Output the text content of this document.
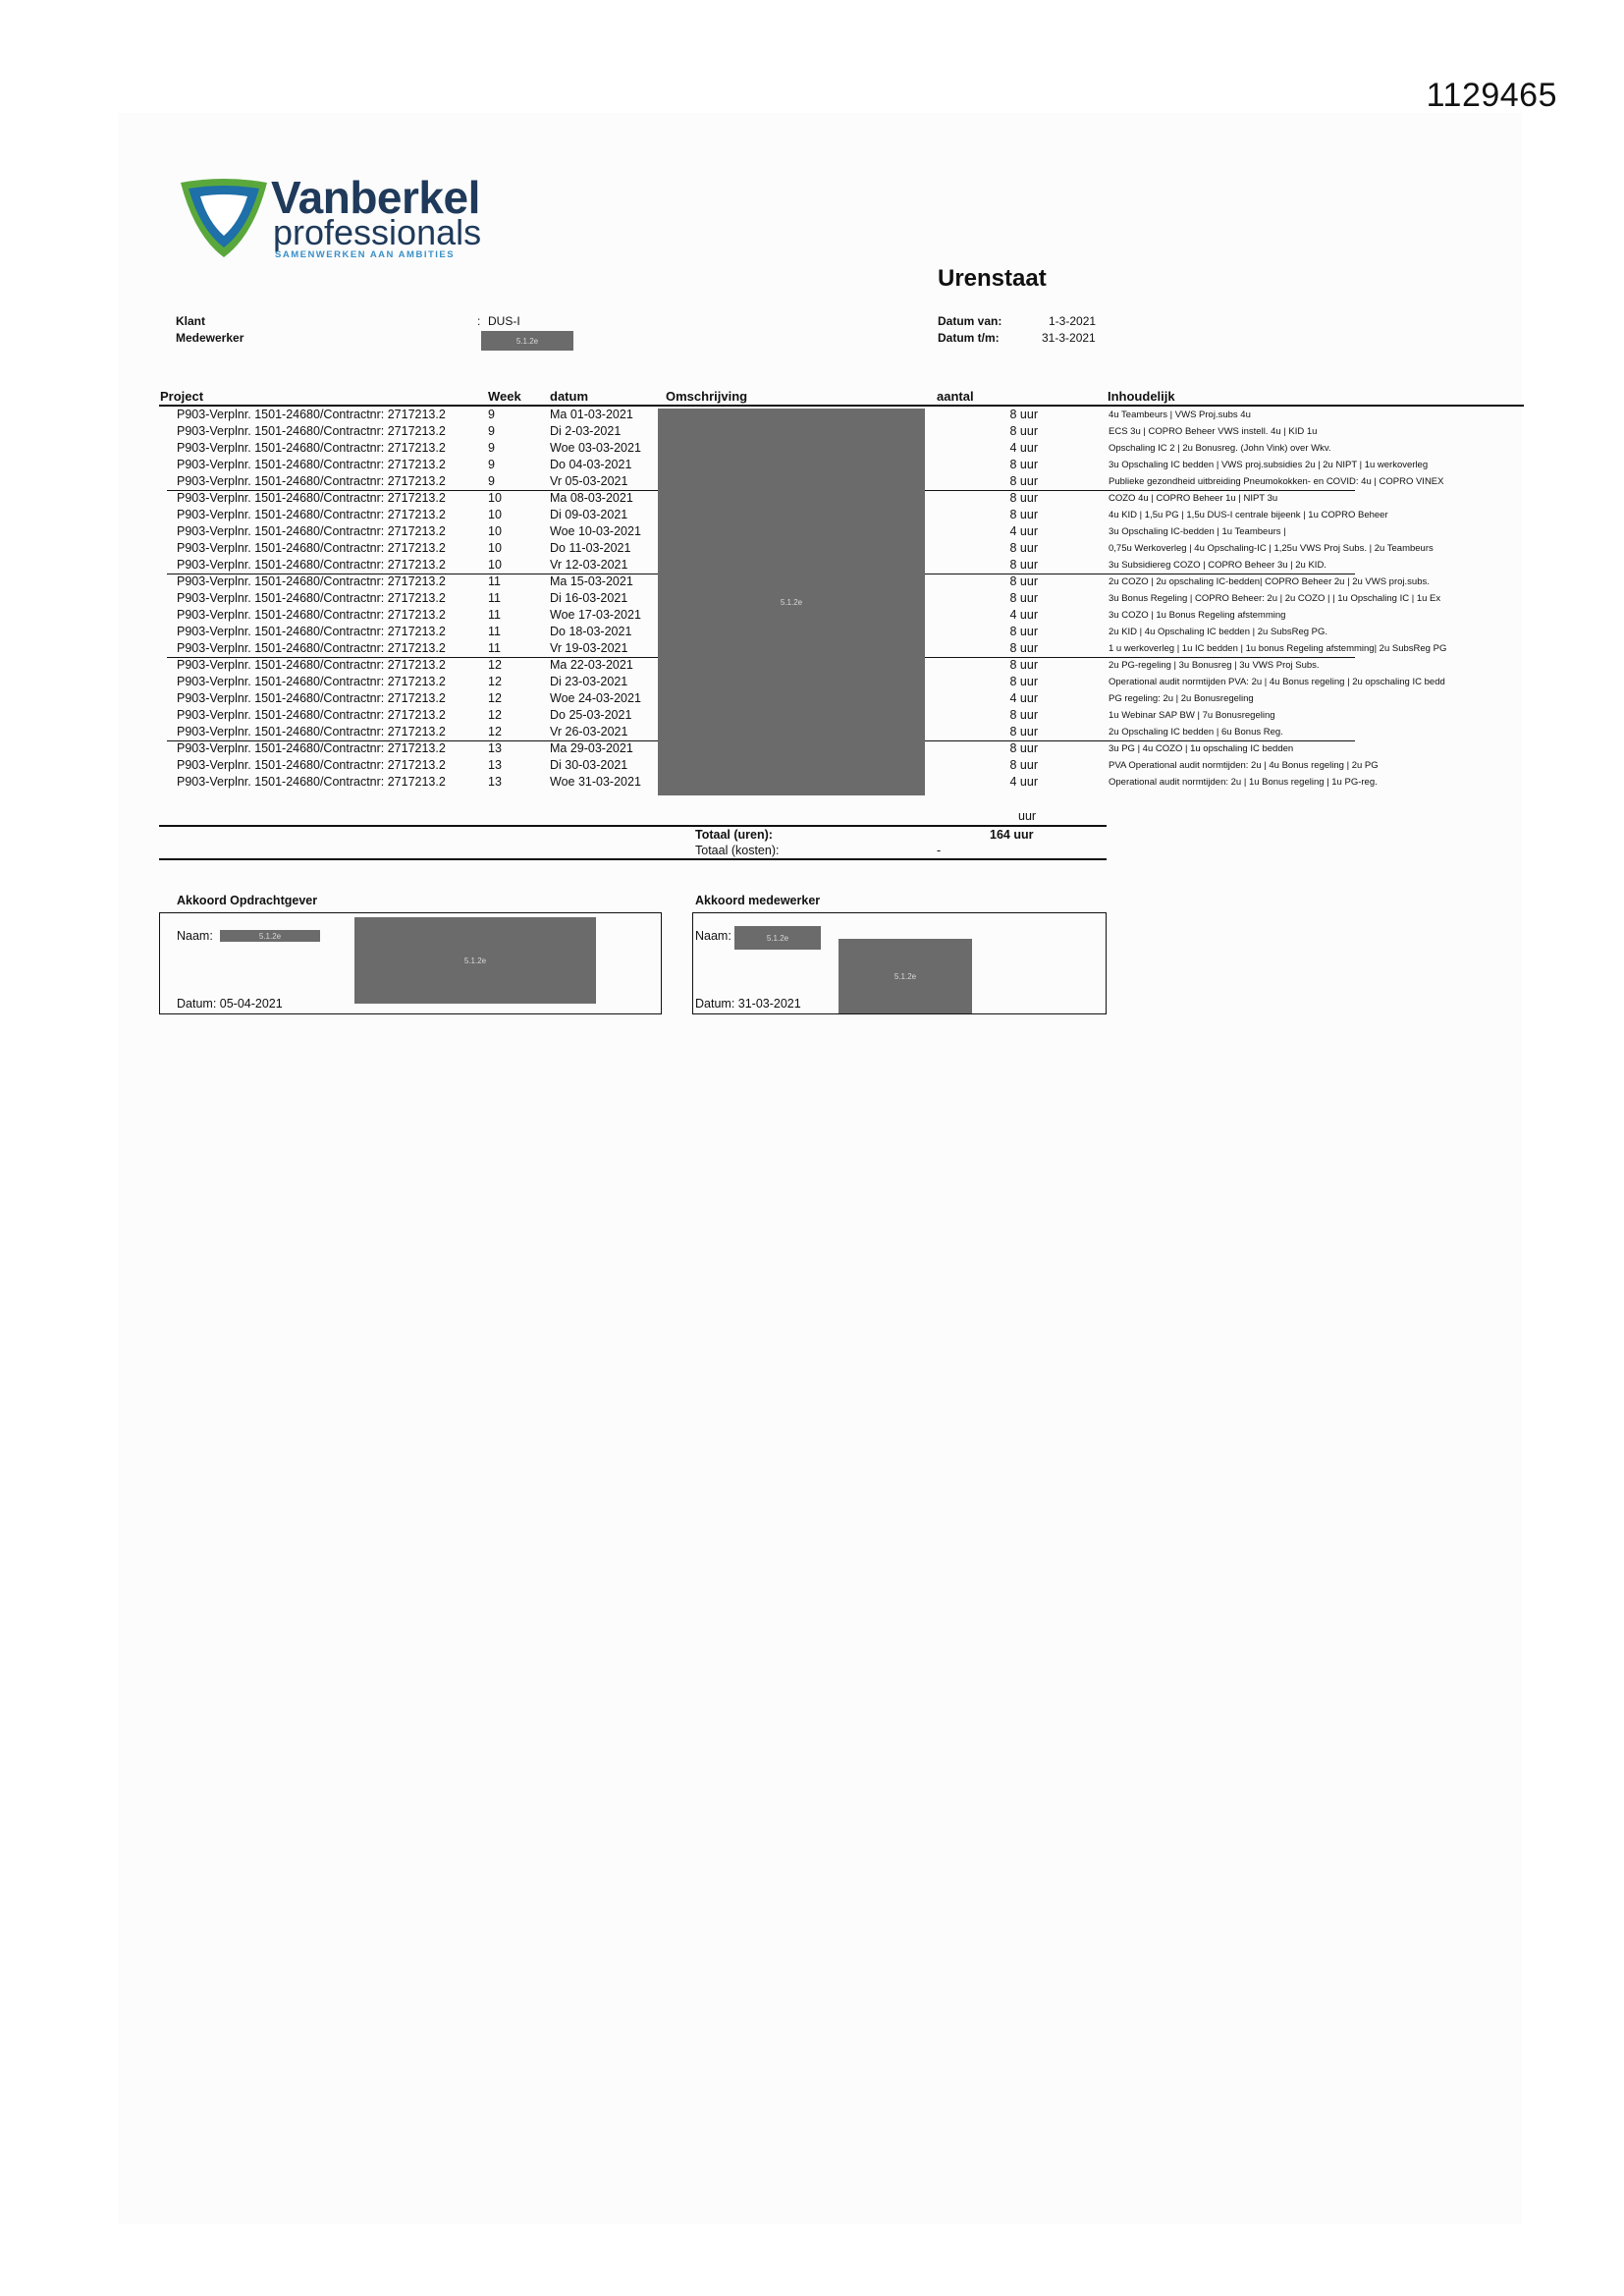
1129465
Vanberkel
professionals
SAMENWERKEN AAN AMBITIES
Urenstaat
Klant	: DUS-I
Medewerker	5.1.2e
Datum van:	1-3-2021
Datum t/m:	31-3-2021
Project	Week datum	Omschrijving	aantal	Inhoudelijk
P903-Verplnr. 1501-24680/Contractnr: 2717213.2	9	Ma 01-03-2021	8 uur	4u Teambeurs | VWS Proj.subs 4u
P903-Verplnr. 1501-24680/Contractnr: 2717213.2	9	Di 2-03-2021	8 uur	ECS 3u | COPRO Beheer VWS instell. 4u | KID 1u
P903-Verplnr. 1501-24680/Contractnr: 2717213.2	9	Woe 03-03-2021	4 uur	Opschaling IC 2 | 2u Bonusreg. (John Vink) over Wkv.
P903-Verplnr. 1501-24680/Contractnr: 2717213.2	9	Do 04-03-2021	8 uur	3u Opschaling IC bedden | VWS proj.subsidies 2u | 2u NIPT | 1u werkoverleg
P903-Verplnr. 1501-24680/Contractnr: 2717213.2	9	Vr 05-03-2021	8 uur	Publieke gezondheid uitbreiding Pneumokokken- en COVID: 4u | COPRO VINEX
P903-Verplnr. 1501-24680/Contractnr: 2717213.2	10	Ma 08-03-2021	8 uur	COZO 4u | COPRO Beheer 1u | NIPT 3u
P903-Verplnr. 1501-24680/Contractnr: 2717213.2	10	Di 09-03-2021	8 uur	4u KID | 1,5u PG | 1,5u DUS-I centrale bijeenk | 1u COPRO Beheer
P903-Verplnr. 1501-24680/Contractnr: 2717213.2	10	Woe 10-03-2021	4 uur	3u Opschaling IC-bedden | 1u Teambeurs |
P903-Verplnr. 1501-24680/Contractnr: 2717213.2	10	Do 11-03-2021	8 uur	0,75u Werkoverleg | 4u Opschaling-IC | 1,25u VWS Proj Subs. | 2u Teambeurs
P903-Verplnr. 1501-24680/Contractnr: 2717213.2	10	Vr 12-03-2021	8 uur	3u Subsidiereg COZO | COPRO Beheer 3u | 2u KID.
P903-Verplnr. 1501-24680/Contractnr: 2717213.2	11	Ma 15-03-2021	8 uur	2u COZO | 2u opschaling IC-bedden| COPRO Beheer 2u | 2u VWS proj.subs.
P903-Verplnr. 1501-24680/Contractnr: 2717213.2	11	Di 16-03-2021	8 uur	3u Bonus Regeling | COPRO Beheer: 2u | 2u COZO | | 1u Opschaling IC | 1u Ex
P903-Verplnr. 1501-24680/Contractnr: 2717213.2	11	Woe 17-03-2021	4 uur	3u COZO | 1u Bonus Regeling afstemming
P903-Verplnr. 1501-24680/Contractnr: 2717213.2	11	Do 18-03-2021	8 uur	2u KID | 4u Opschaling IC bedden | 2u SubsReg PG.
P903-Verplnr. 1501-24680/Contractnr: 2717213.2	11	Vr 19-03-2021	8 uur	1 u werkoverleg | 1u IC bedden | 1u bonus Regeling afstemming| 2u SubsReg PG
P903-Verplnr. 1501-24680/Contractnr: 2717213.2	12	Ma 22-03-2021	8 uur	2u PG-regeling | 3u Bonusreg | 3u VWS Proj Subs.
P903-Verplnr. 1501-24680/Contractnr: 2717213.2	12	Di 23-03-2021	8 uur	Operational audit normtijden PVA: 2u | 4u Bonus regeling | 2u opschaling IC bedd
P903-Verplnr. 1501-24680/Contractnr: 2717213.2	12	Woe 24-03-2021	4 uur	PG regeling: 2u | 2u Bonusregeling
P903-Verplnr. 1501-24680/Contractnr: 2717213.2	12	Do 25-03-2021	8 uur	1u Webinar SAP BW | 7u Bonusregeling
P903-Verplnr. 1501-24680/Contractnr: 2717213.2	12	Vr 26-03-2021	8 uur	2u Opschaling IC bedden | 6u Bonus Reg.
P903-Verplnr. 1501-24680/Contractnr: 2717213.2	13	Ma 29-03-2021	8 uur	3u PG | 4u COZO | 1u opschaling IC bedden
P903-Verplnr. 1501-24680/Contractnr: 2717213.2	13	Di 30-03-2021	8 uur	PVA Operational audit normtijden: 2u | 4u Bonus regeling | 2u PG
P903-Verplnr. 1501-24680/Contractnr: 2717213.2	13	Woe 31-03-2021	4 uur	Operational audit normtijden: 2u | 1u Bonus regeling | 1u PG-reg.
5.1.2e
uur
Totaal (uren):	164 uur
Totaal (kosten):	-
Akkoord Opdrachtgever
Naam:	5.1.2e
5.1.2e
Datum: 05-04-2021
Akkoord medewerker
Naam:	5.1.2e
5.1.2e
Datum: 31-03-2021
